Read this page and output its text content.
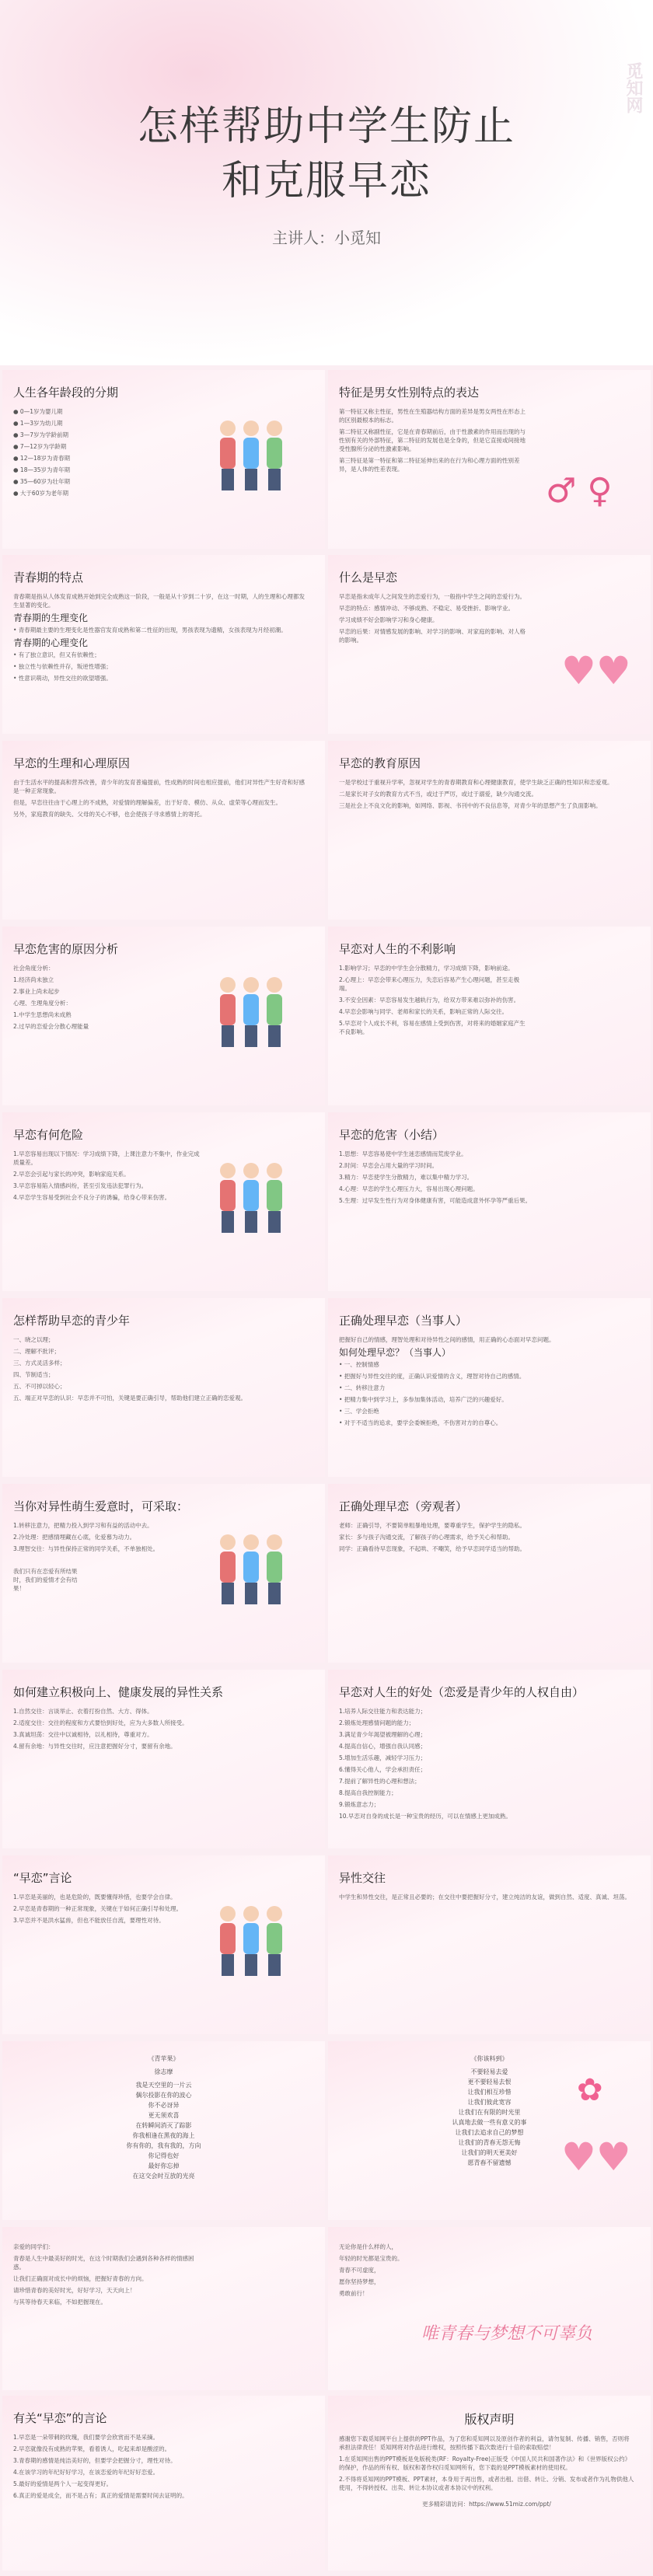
怎样帮助中学生防止
和克服早恋
主讲人：小觅知
觅知网
人生各年龄段的分期

● 0—1岁为婴儿期

● 1—3岁为幼儿期

● 3—7岁为学龄前期

● 7—12岁为学龄期

● 12—18岁为青春期

● 18—35岁为青年期

● 35—60岁为壮年期

● 大于60岁为老年期

特征是男女性别特点的表达

第一特征又称主性征，男性在生殖器结构方面的差异是男女两性在形态上的区别最根本的标志。

第二特征又称副性征，它是在青春期前后，由于性激素的作用而出现的与性别有关的外部特征，第二特征的发展也是全身的，但是它直接或间接地受性腺所分泌的性激素影响。

第三特征是第一特征和第二特征延伸出来的在行为和心理方面的性别差异，是人体的性差表现。

♂ ♀
青春期的特点

青春期是指从人体发育成熟开始到完全成熟这一阶段，一般是从十岁到二十岁，在这一时期，人的生理和心理都发生显著的变化。

青春期的生理变化

• 青春期最主要的生理变化是性器官发育成熟和第二性征的出现，男孩表现为遗精，女孩表现为月经初潮。

青春期的心理变化

• 有了独立意识，但又有依赖性；

• 独立性与依赖性并存，叛逆性增强；

• 性意识萌动，异性交往的欲望增强。

什么是早恋

早恋是指未成年人之间发生的恋爱行为，一般指中学生之间的恋爱行为。

早恋的特点：感情冲动、不够成熟、不稳定、易受挫折、影响学业。

学习成绩不好会影响学习和身心健康。

早恋的后果：对情感发展的影响、对学习的影响、对家庭的影响、对人格的影响。

♥♥
早恋的生理和心理原因

由于生活水平的提高和营养改善，青少年的发育普遍提前，性成熟的时间也相应提前，他们对异性产生好奇和好感是一种正常现象。

但是，早恋往往由于心理上的不成熟，对爱情的理解偏差，出于好奇、模仿、从众、虚荣等心理而发生。

另外，家庭教育的缺失、父母的关心不够，也会使孩子寻求感情上的寄托。

早恋的教育原因

一是学校过于重视升学率，忽视对学生的青春期教育和心理健康教育，使学生缺乏正确的性知识和恋爱观。

二是家长对子女的教育方式不当，或过于严厉，或过于溺爱，缺少沟通交流。

三是社会上不良文化的影响，如网络、影视、书刊中的不良信息等，对青少年的思想产生了负面影响。

早恋危害的原因分析

社会角度分析：

1.经济尚未独立

2.事业上尚未起步

心理、生理角度分析：

1.中学生思想尚未成熟

2.过早的恋爱会分散心理能量

早恋对人生的不利影响

1.影响学习；早恋的中学生会分散精力，学习成绩下降，影响前途。

2.心理上：早恋会带来心理压力，失恋后容易产生心理问题，甚至走极端。

3.不安全因素：早恋容易发生越轨行为，给双方带来难以弥补的伤害。

4.早恋会影响与同学、老师和家长的关系，影响正常的人际交往。

5.早恋对个人成长不利，容易在感情上受到伤害，对将来的婚姻家庭产生不良影响。

早恋有何危险

1.早恋容易出现以下情况：学习成绩下降，上课注意力不集中，作业完成质量差。

2.早恋会引起与家长的冲突，影响家庭关系。

3.早恋容易陷入情感纠纷，甚至引发违法犯罪行为。

4.早恋学生容易受到社会不良分子的诱骗，给身心带来伤害。

早恋的危害（小结）

1.思想：早恋容易使中学生迷恋感情而荒废学业。

2.时间：早恋会占用大量的学习时间。

3.精力：早恋使学生分散精力，难以集中精力学习。

4.心理：早恋的学生心理压力大，容易出现心理问题。

5.生理：过早发生性行为对身体健康有害，可能造成意外怀孕等严重后果。

怎样帮助早恋的青少年

一、晓之以理；

二、理解不批评；

三、方式灵活多样；

四、节制适当；

五、不可掉以轻心；

五、端正对早恋的认识：早恋并不可怕，关键是要正确引导，帮助他们建立正确的恋爱观。

正确处理早恋（当事人）

把握好自己的情感，理智处理和对待异性之间的感情，用正确的心态面对早恋问题。

如何处理早恋？（当事人）

• 一、控制情感

• 把握好与异性交往的度，正确认识爱情的含义，理智对待自己的感情。

• 二、转移注意力

• 把精力集中到学习上，多参加集体活动，培养广泛的兴趣爱好。

• 三、学会拒绝

• 对于不适当的追求，要学会委婉拒绝，不伤害对方的自尊心。

当你对异性萌生爱意时，可采取：

1.转移注意力，把精力投入到学习和有益的活动中去。

2.冷处理：把感情埋藏在心底，化爱慕为动力。

3.理智交往：与异性保持正常的同学关系，不单独相处。

我们只有在恋爱有所结果时，我们的爱情才会有结果！

正确处理早恋（旁观者）

老师：正确引导，不要简单粗暴地处理，要尊重学生，保护学生的隐私。

家长：多与孩子沟通交流，了解孩子的心理需求，给予关心和帮助。

同学：正确看待早恋现象，不起哄、不嘲笑，给予早恋同学适当的帮助。

如何建立积极向上、健康发展的异性关系

1.自然交往：言谈举止、衣着打扮自然、大方、得体。

2.适度交往：交往的程度和方式要恰到好处，应为大多数人所接受。

3.真诚坦荡：交往中以诚相待，以礼相待，尊重对方。

4.留有余地：与异性交往时，应注意把握好分寸，要留有余地。

早恋对人生的好处（恋爱是青少年的人权自由）

1.培养人际交往能力和表达能力；

2.锻炼处理感情问题的能力；

3.满足青少年渴望被理解的心理；

4.提高自信心，增强自我认同感；

5.增加生活乐趣，减轻学习压力；

6.懂得关心他人，学会承担责任；

7.提前了解异性的心理和想法；

8.提高自我控制能力；

9.锻炼意志力；

10.早恋对自身的成长是一种宝贵的经历，可以在情感上更加成熟。

“早恋”言论

1.早恋是美丽的，也是危险的，既要懂得珍惜，也要学会自律。

2.早恋是青春期的一种正常现象，关键在于如何正确引导和处理。

3.早恋并不是洪水猛兽，但也不能放任自流，要理性对待。

异性交往

中学生和异性交往，是正常且必要的；在交往中要把握好分寸，建立纯洁的友谊，做到自然、适度、真诚、坦荡。

《青苹果》
徐志摩
我是天空里的一片云
偶尔投影在你的波心
你不必讶异
更无须欢喜
在转瞬间消灭了踪影
你我相逢在黑夜的海上
你有你的，我有我的，方向
你记得也好
最好你忘掉
在这交会时互放的光亮
《你该料到》
不要轻易去爱
更不要轻易去恨
让我们相互珍惜
让我们彼此宽容
让我们在有限的时光里
认真地去做一些有意义的事
让我们去追求自己的梦想
让我们的青春无怨无悔
让我们的明天更美好
愿青春不留遗憾	♥♥
✿

亲爱的同学们：

青春是人生中最美好的时光，在这个时期我们会遇到各种各样的情感困惑。

让我们正确面对成长中的烦恼，把握好青春的方向。

请珍惜青春的美好时光，好好学习，天天向上！

与其等待春天来临，不如把握现在。

无论你是什么样的人，

年轻的时光都是宝贵的。

青春不可虚度，

愿你坚持梦想，

勇敢前行！

唯青春与梦想不可辜负
有关“早恋”的言论

1.早恋是一朵带刺的玫瑰，我们要学会欣赏而不是采摘。

2.早恋就像没有成熟的苹果，看着诱人，吃起来却是酸涩的。

3.青春期的感情是纯洁美好的，但要学会把握分寸，理性对待。

4.在该学习的年纪好好学习，在该恋爱的年纪好好恋爱。

5.最好的爱情是两个人一起变得更好。

6.真正的爱是成全，而不是占有；真正的爱情是需要时间去证明的。

版权声明

感谢您下载觅知网平台上提供的PPT作品，为了您和觅知网以及原创作者的利益，请勿复制、传播、销售，否则将承担法律责任！觅知网将对作品进行维权，按照传播下载次数进行十倍的索取赔偿！

1.在觅知网出售的PPT模板是免版税类(RF：Royalty-Free)正版受《中国人民共和国著作法》和《世界版权公约》的保护，作品的所有权、版权和著作权归觅知网所有，您下载的是PPT模板素材的使用权。

2.不得将觅知网的PPT模板、PPT素材，本身用于再出售，或者出租、出借、转让、分销、发布或者作为礼物供他人使用，不得转授权、出卖、转让本协议或者本协议中的权利。

更多精彩请访问：https://www.51miz.com/ppt/
